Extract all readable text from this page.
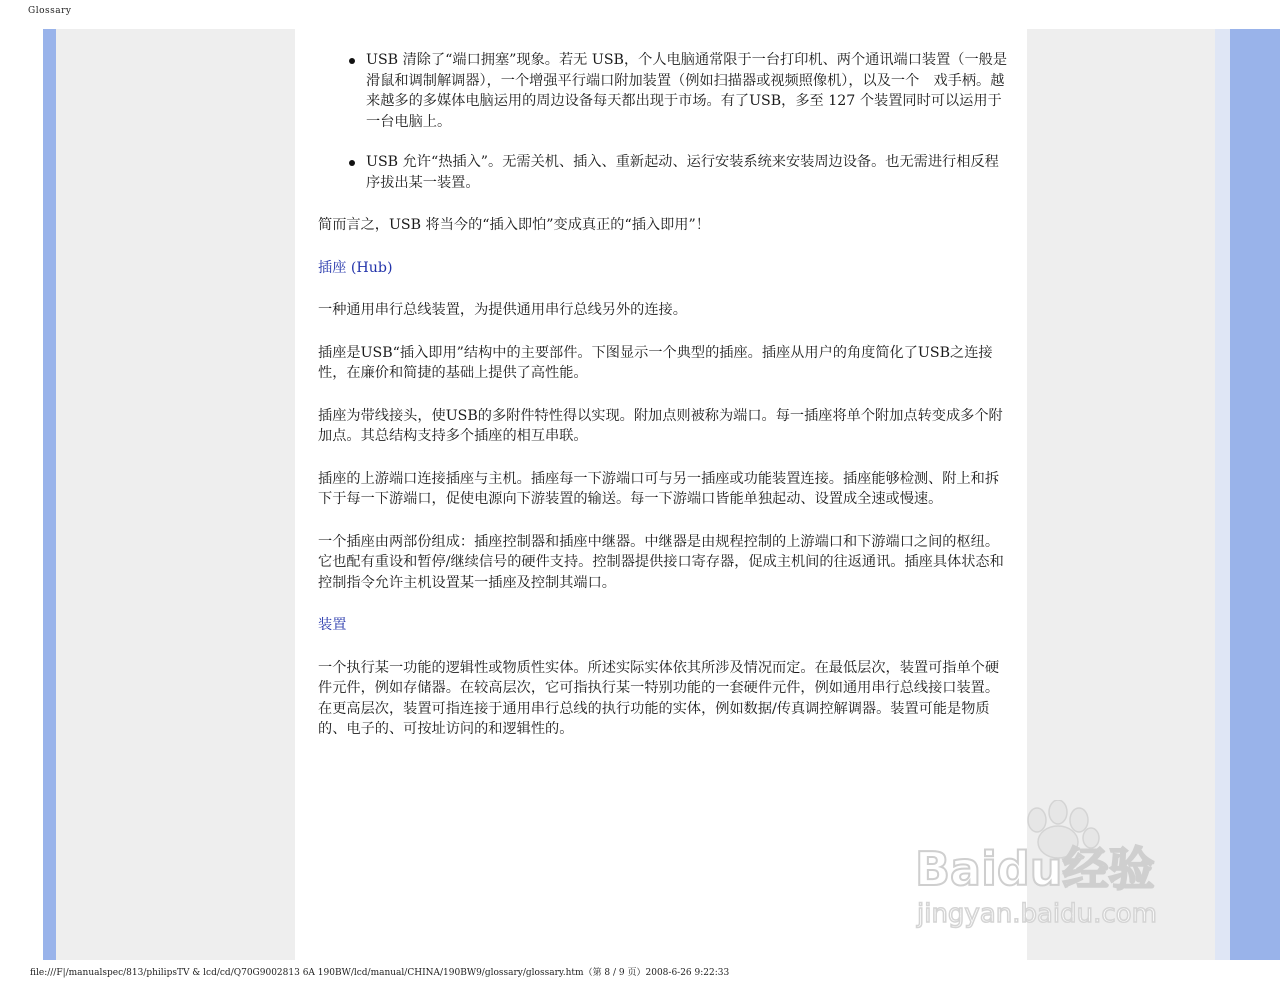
Glossary
USB 清除了“端口拥塞”现象。若无 USB，个人电脑通常限于一台打印机、两个通讯端口装置（一般是滑鼠和调制解调器），一个增强平行端口附加装置（例如扫描器或视频照像机），以及一个　戏手柄。越来越多的多媒体电脑运用的周边设备每天都出现于市场。有了USB，多至 127 个装置同时可以运用于一台电脑上。
USB 允许“热插入”。无需关机、插入、重新起动、运行安装系统来安装周边设备。也无需进行相反程序拔出某一装置。

简而言之，USB 将当今的“插入即怕”变成真正的“插入即用”！

插座 (Hub)

一种通用串行总线装置，为提供通用串行总线另外的连接。

插座是USB“插入即用”结构中的主要部件。下图显示一个典型的插座。插座从用户的角度简化了USB之连接性，在廉价和简捷的基础上提供了高性能。

插座为带线接头，使USB的多附件特性得以实现。附加点则被称为端口。每一插座将单个附加点转变成多个附加点。其总结构支持多个插座的相互串联。

插座的上游端口连接插座与主机。插座每一下游端口可与另一插座或功能装置连接。插座能够检测、附上和拆下于每一下游端口，促使电源向下游装置的输送。每一下游端口皆能单独起动、设置成全速或慢速。

一个插座由两部份组成：插座控制器和插座中继器。中继器是由规程控制的上游端口和下游端口之间的枢纽。它也配有重设和暂停/继续信号的硬件支持。控制器提供接口寄存器，促成主机间的往返通讯。插座具体状态和控制指令允许主机设置某一插座及控制其端口。

装置

一个执行某一功能的逻辑性或物质性实体。所述实际实体依其所涉及情况而定。在最低层次，装置可指单个硬件元件，例如存储器。在较高层次，它可指执行某一特别功能的一套硬件元件，例如通用串行总线接口装置。在更高层次，装置可指连接于通用串行总线的执行功能的实体，例如数据/传真调控解调器。装置可能是物质的、电子的、可按址访问的和逻辑性的。

Baidu经验
jingyan.baidu.com
file:///F|/manualspec/813/philipsTV & lcd/cd/Q70G9002813 6A 190BW/lcd/manual/CHINA/190BW9/glossary/glossary.htm（第 8 / 9 页）2008-6-26 9:22:33
